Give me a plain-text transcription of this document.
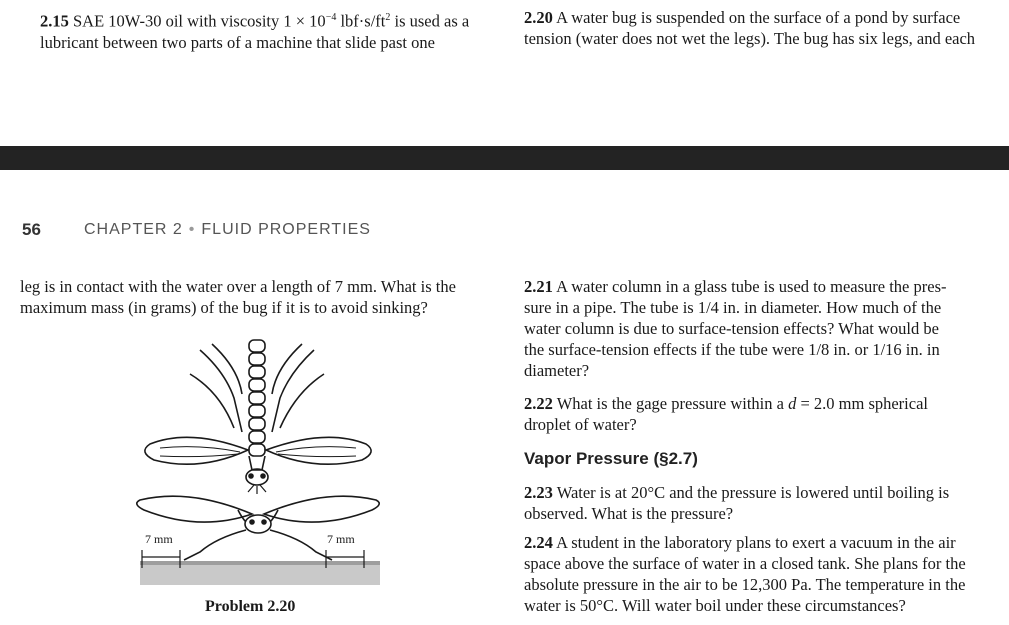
2.15 SAE 10W-30 oil with viscosity $1 \times 10^{-4}$ $lbf\cdot s/ft^2$ is used as a
lubricant between two parts of a machine that slide past one
2.20 A water bug is suspended on the surface of a pond by surface
tension (water does not wet the legs). The bug has six legs, and each
56	CHAPTER 2 • FLUID PROPERTIES
leg is in contact with the water over a length of 7 mm. What is the
maximum mass (in grams) of the bug if it is to avoid sinking?
7 mm	7 mm
Problem 2.20
2.21 A water column in a glass tube is used to measure the pres-
sure in a pipe. The tube is 1/4 in. in diameter. How much of the
water column is due to surface-tension effects? What would be
the surface-tension effects if the tube were 1/8 in. or 1/16 in. in
diameter?
2.22 What is the gage pressure within a d = 2.0 mm spherical
droplet of water?
Vapor Pressure (§2.7)
2.23 Water is at 20°C and the pressure is lowered until boiling is
observed. What is the pressure?
2.24 A student in the laboratory plans to exert a vacuum in the air
space above the surface of water in a closed tank. She plans for the
absolute pressure in the air to be 12,300 Pa. The temperature in the
water is 50°C. Will water boil under these circumstances?
